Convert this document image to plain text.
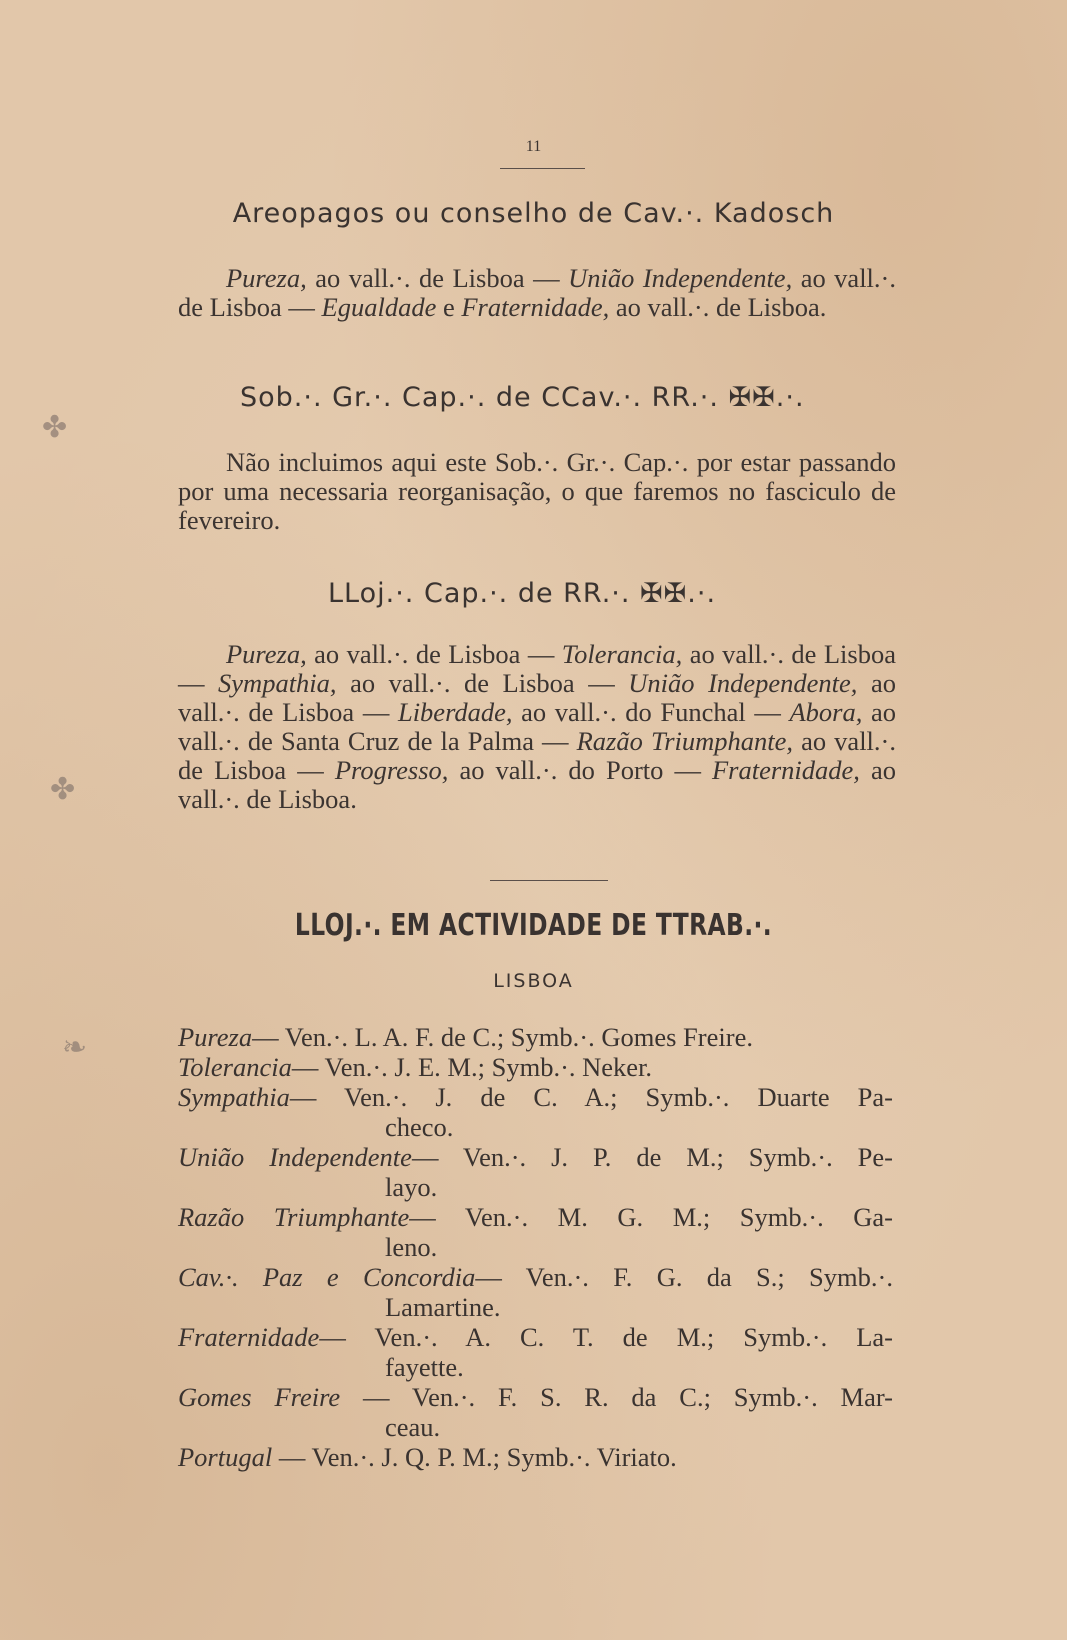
11
Areopagos ou conselho de Cav.·. Kadosch
Pureza, ao vall.·. de Lisboa — União Independente, ao vall.·. de Lisboa — Egualdade e Fraternidade, ao vall.·. de Lisboa.
Sob.·. Gr.·. Cap.·. de CCav.·. RR.·. ✠✠.·.
Não incluimos aqui este Sob.·. Gr.·. Cap.·. por estar passando por uma necessaria reorganisação, o que faremos no fasciculo de fevereiro.
LLoj.·. Cap.·. de RR.·. ✠✠.·.
Pureza, ao vall.·. de Lisboa — Tolerancia, ao vall.·. de Lisboa — Sympathia, ao vall.·. de Lisboa — União Independente, ao vall.·. de Lisboa — Liberdade, ao vall.·. do Funchal — Abora, ao vall.·. de Santa Cruz de la Palma — Razão Triumphante, ao vall.·. de Lisboa — Progresso, ao vall.·. do Porto — Fraternidade, ao vall.·. de Lisboa.
LLOJ.·. EM ACTIVIDADE DE TTRAB.·.
LISBOA
Pureza— Ven.·. L. A. F. de C.; Symb.·. Gomes Freire.
Tolerancia— Ven.·. J. E. M.; Symb.·. Neker.
Sympathia— Ven.·. J. de C. A.; Symb.·. Duarte Pa-
checo.
União Independente— Ven.·. J. P. de M.; Symb.·. Pe-
layo.
Razão Triumphante— Ven.·. M. G. M.; Symb.·. Ga-
leno.
Cav.·. Paz e Concordia— Ven.·. F. G. da S.; Symb.·.
Lamartine.
Fraternidade— Ven.·. A. C. T. de M.; Symb.·. La-
fayette.
Gomes Freire — Ven.·. F. S. R. da C.; Symb.·. Mar-
ceau.
Portugal — Ven.·. J. Q. P. M.; Symb.·. Viriato.
✤
✤
❧
